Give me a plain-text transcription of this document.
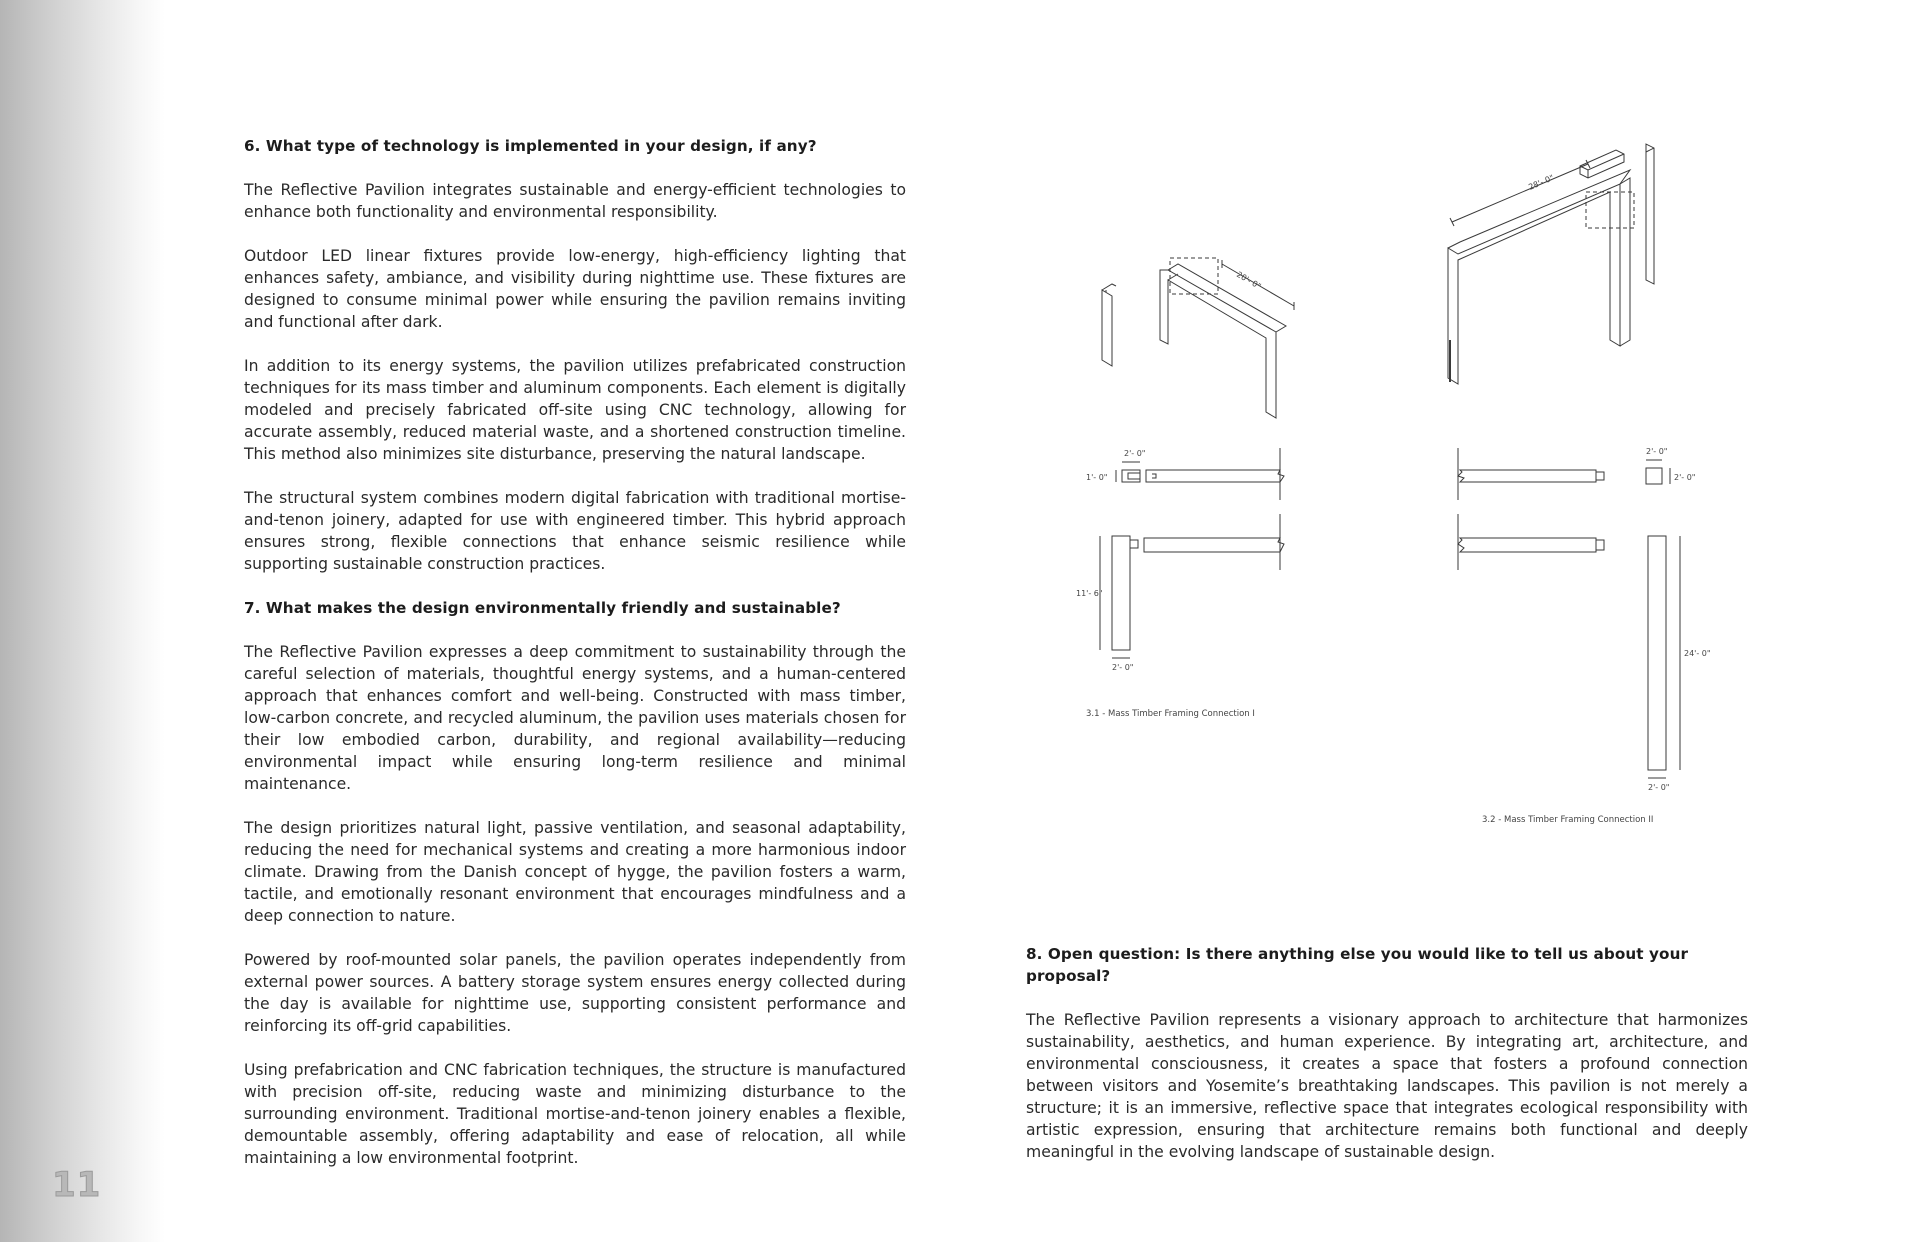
11
6. What type of technology is implemented in your design, if any?
The Reflective Pavilion integrates sustainable and energy-efficient technologies to enhance both functionality and environmental responsibility.
Outdoor LED linear fixtures provide low-energy, high-efficiency lighting that enhances safety, ambiance, and visibility during nighttime use. These fixtures are designed to consume minimal power while ensuring the pavilion remains inviting and functional after dark.
In addition to its energy systems, the pavilion utilizes prefabricated construction techniques for its mass timber and aluminum components. Each element is digitally modeled and precisely fabricated off-site using CNC technology, allowing for accurate assembly, reduced material waste, and a shortened construction timeline. This method also minimizes site disturbance, preserving the natural landscape.
The structural system combines modern digital fabrication with traditional mortise-and-tenon joinery, adapted for use with engineered timber. This hybrid approach ensures strong, flexible connections that enhance seismic resilience while supporting sustainable construction practices.
7. What makes the design environmentally friendly and sustainable?
The Reflective Pavilion expresses a deep commitment to sustainability through the careful selection of materials, thoughtful energy systems, and a human-centered approach that enhances comfort and well-being. Constructed with mass timber, low-carbon concrete, and recycled aluminum, the pavilion uses materials chosen for their low embodied carbon, durability, and regional availability—reducing environmental impact while ensuring long-term resilience and minimal maintenance.
The design prioritizes natural light, passive ventilation, and seasonal adaptability, reducing the need for mechanical systems and creating a more harmonious indoor climate. Drawing from the Danish concept of hygge, the pavilion fosters a warm, tactile, and emotionally resonant environment that encourages mindfulness and a deep connection to nature.
Powered by roof-mounted solar panels, the pavilion operates independently from external power sources. A battery storage system ensures energy collected during the day is available for nighttime use, supporting consistent performance and reinforcing its off-grid capabilities.
Using prefabrication and CNC fabrication techniques, the structure is manufactured with precision off-site, reducing waste and minimizing disturbance to the surrounding environment. Traditional mortise-and-tenon joinery enables a flexible, demountable assembly, offering adaptability and ease of relocation, all while maintaining a low environmental footprint.
20'- 0"
28'- 0"
2'- 0"
1'- 0"
11'- 6"
2'- 0"
3.1 - Mass Timber Framing Connection I
2'- 0"
2'- 0"
24'- 0"
2'- 0"
3.2 - Mass Timber Framing Connection II
8. Open question: Is there anything else you would like to tell us about your proposal?
The Reflective Pavilion represents a visionary approach to architecture that harmonizes sustainability, aesthetics, and human experience. By integrating art, architecture, and environmental consciousness, it creates a space that fosters a profound connection between visitors and Yosemite’s breathtaking landscapes. This pavilion is not merely a structure; it is an immersive, reflective space that integrates ecological responsibility with artistic expression, ensuring that architecture remains both functional and deeply meaningful in the evolving landscape of sustainable design.
